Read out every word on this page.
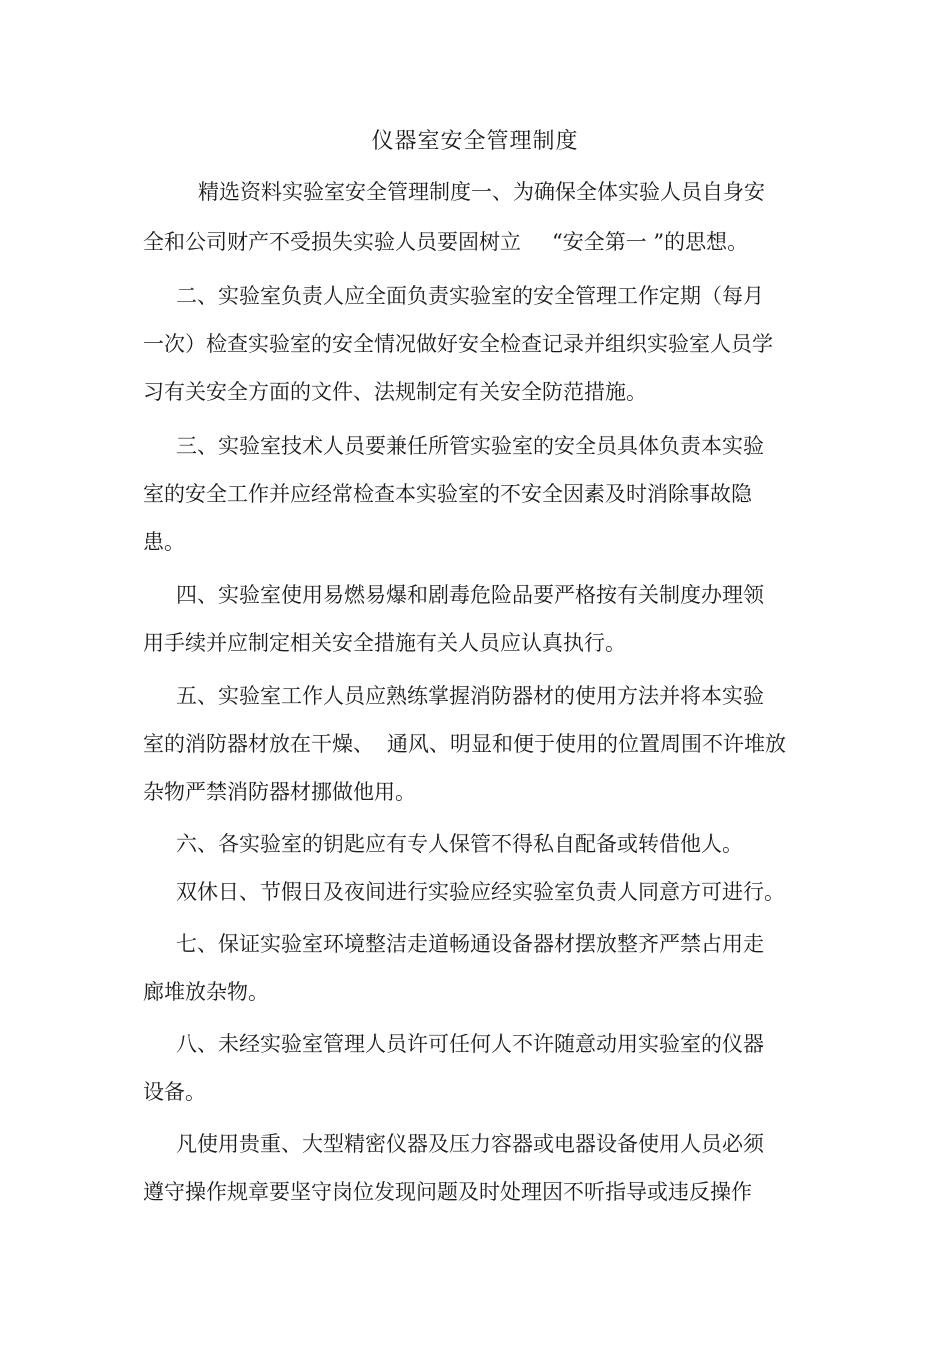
仪器室安全管理制度
精选资料实验室安全管理制度一、为确保全体实验人员自身安
全和公司财产不受损失实验人员要固树立 “安全第一 ”的思想。
二、实验室负责人应全面负责实验室的安全管理工作定期（每月
一次）检查实验室的安全情况做好安全检查记录并组织实验室人员学
习有关安全方面的文件、法规制定有关安全防范措施。
三、实验室技术人员要兼任所管实验室的安全员具体负责本实验
室的安全工作并应经常检查本实验室的不安全因素及时消除事故隐
患。
四、实验室使用易燃易爆和剧毒危险品要严格按有关制度办理领
用手续并应制定相关安全措施有关人员应认真执行。
五、实验室工作人员应熟练掌握消防器材的使用方法并将本实验
室的消防器材放在干燥、 通风、明显和便于使用的位置周围不许堆放
杂物严禁消防器材挪做他用。
六、各实验室的钥匙应有专人保管不得私自配备或转借他人。
双休日、节假日及夜间进行实验应经实验室负责人同意方可进行。
七、保证实验室环境整洁走道畅通设备器材摆放整齐严禁占用走
廊堆放杂物。
八、未经实验室管理人员许可任何人不许随意动用实验室的仪器
设备。
凡使用贵重、大型精密仪器及压力容器或电器设备使用人员必须
遵守操作规章要坚守岗位发现问题及时处理因不听指导或违反操作
